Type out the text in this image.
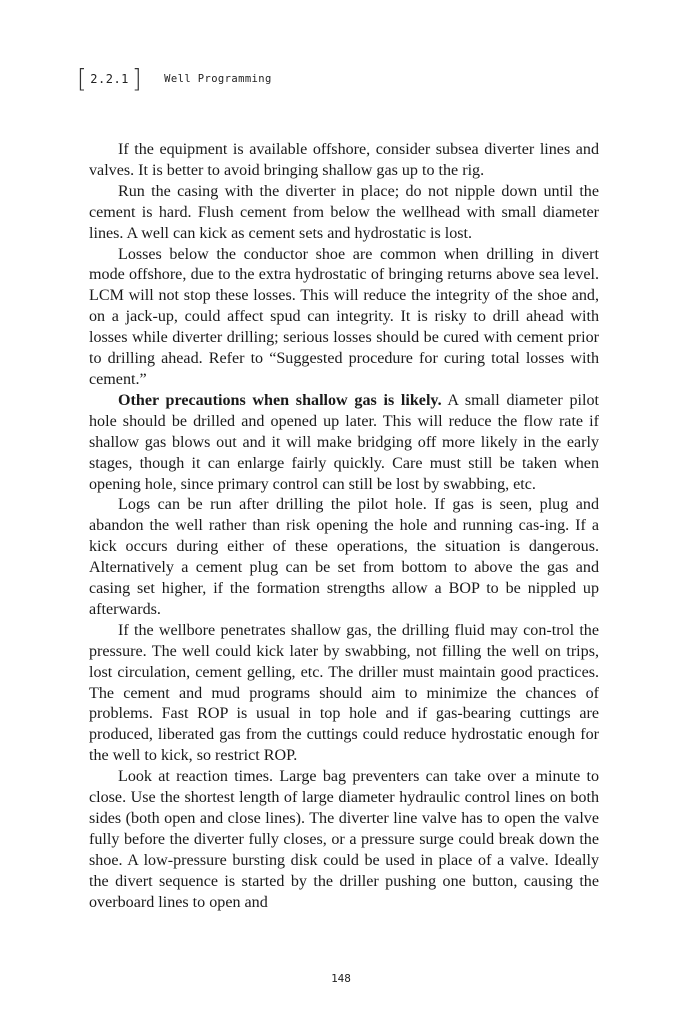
[ 2.2.1 ] Well Programming

If the equipment is available offshore, consider subsea diverter lines and valves. It is better to avoid bringing shallow gas up to the rig.

Run the casing with the diverter in place; do not nipple down until the cement is hard. Flush cement from below the wellhead with small diameter lines. A well can kick as cement sets and hydrostatic is lost.

Losses below the conductor shoe are common when drilling in divert mode offshore, due to the extra hydrostatic of bringing returns above sea level. LCM will not stop these losses. This will reduce the integrity of the shoe and, on a jack-up, could affect spud can integrity. It is risky to drill ahead with losses while diverter drilling; serious losses should be cured with cement prior to drilling ahead. Refer to “Suggested procedure for curing total losses with cement.”

Other precautions when shallow gas is likely. A small diameter pilot hole should be drilled and opened up later. This will reduce the flow rate if shallow gas blows out and it will make bridging off more likely in the early stages, though it can enlarge fairly quickly. Care must still be taken when opening hole, since primary control can still be lost by swabbing, etc.

Logs can be run after drilling the pilot hole. If gas is seen, plug and abandon the well rather than risk opening the hole and running cas-ing. If a kick occurs during either of these operations, the situation is dangerous. Alternatively a cement plug can be set from bottom to above the gas and casing set higher, if the formation strengths allow a BOP to be nippled up afterwards.

If the wellbore penetrates shallow gas, the drilling fluid may con-trol the pressure. The well could kick later by swabbing, not filling the well on trips, lost circulation, cement gelling, etc. The driller must maintain good practices. The cement and mud programs should aim to minimize the chances of problems. Fast ROP is usual in top hole and if gas-bearing cuttings are produced, liberated gas from the cuttings could reduce hydrostatic enough for the well to kick, so restrict ROP.

Look at reaction times. Large bag preventers can take over a minute to close. Use the shortest length of large diameter hydraulic control lines on both sides (both open and close lines). The diverter line valve has to open the valve fully before the diverter fully closes, or a pressure surge could break down the shoe. A low-pressure bursting disk could be used in place of a valve. Ideally the divert sequence is started by the driller pushing one button, causing the overboard lines to open and

148
